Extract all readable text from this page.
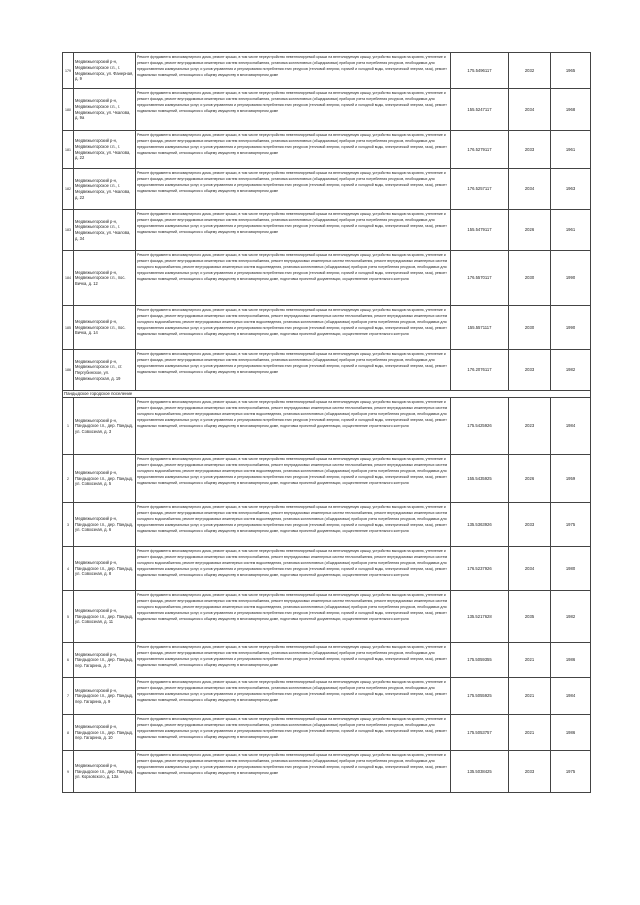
179	Медвежьегорский р-н, Медвежьегорское г.п., г. Медвежьегорск, ул. Фанерная, д. 9	Ремонт фундамента многоквартирного дома, ремонт крыши, в том числе переустройство невентилируемой крыши на вентилируемую крышу, устройство выходов на кровлю, утепление и ремонт фасада, ремонт внутридомовых инженерных систем электроснабжения, установка коллективных (общедомовых) приборов учета потребления ресурсов, необходимых для предоставления коммунальных услуг, и узлов управления и регулирования потребления этих ресурсов (тепловой энергии, горячей и холодной воды, электрической энергии, газа), ремонт подвальных помещений, относящихся к общему имуществу в многоквартирном доме	175.5496117	2032	1965
180	Медвежьегорский р-н, Медвежьегорское г.п., г. Медвежьегорск, ул. Чкалова, д. 9а	Ремонт фундамента многоквартирного дома, ремонт крыши, в том числе переустройство невентилируемой крыши на вентилируемую крышу, устройство выходов на кровлю, утепление и ремонт фасада, ремонт внутридомовых инженерных систем электроснабжения, установка коллективных (общедомовых) приборов учета потребления ресурсов, необходимых для предоставления коммунальных услуг, и узлов управления и регулирования потребления этих ресурсов (тепловой энергии, горячей и холодной воды, электрической энергии, газа), ремонт подвальных помещений, относящихся к общему имуществу в многоквартирном доме	155.5247117	2034	1968
181	Медвежьегорский р-н, Медвежьегорское г.п., г. Медвежьегорск, ул. Чкалова, д. 22	Ремонт фундамента многоквартирного дома, ремонт крыши, в том числе переустройство невентилируемой крыши на вентилируемую крышу, устройство выходов на кровлю, утепление и ремонт фасада, ремонт внутридомовых инженерных систем электроснабжения, установка коллективных (общедомовых) приборов учета потребления ресурсов, необходимых для предоставления коммунальных услуг, и узлов управления и регулирования потребления этих ресурсов (тепловой энергии, горячей и холодной воды, электрической энергии, газа), ремонт подвальных помещений, относящихся к общему имуществу в многоквартирном доме	176.5279117	2033	1961
182	Медвежьегорский р-н, Медвежьегорское г.п., г. Медвежьегорск, ул. Чкалова, д. 22	Ремонт фундамента многоквартирного дома, ремонт крыши, в том числе переустройство невентилируемой крыши на вентилируемую крышу, устройство выходов на кровлю, утепление и ремонт фасада, ремонт внутридомовых инженерных систем электроснабжения, установка коллективных (общедомовых) приборов учета потребления ресурсов, необходимых для предоставления коммунальных услуг, и узлов управления и регулирования потребления этих ресурсов (тепловой энергии, горячей и холодной воды, электрической энергии, газа), ремонт подвальных помещений, относящихся к общему имуществу в многоквартирном доме	176.5257117	2034	1963
183	Медвежьегорский р-н, Медвежьегорское г.п., г. Медвежьегорск, ул. Чкалова, д. 34	Ремонт фундамента многоквартирного дома, ремонт крыши, в том числе переустройство невентилируемой крыши на вентилируемую крышу, устройство выходов на кровлю, утепление и ремонт фасада, ремонт внутридомовых инженерных систем электроснабжения, установка коллективных (общедомовых) приборов учета потребления ресурсов, необходимых для предоставления коммунальных услуг, и узлов управления и регулирования потребления этих ресурсов (тепловой энергии, горячей и холодной воды, электрической энергии, газа), ремонт подвальных помещений, относящихся к общему имуществу в многоквартирном доме	155.5479117	2026	1961
184	Медвежьегорский р-н, Медвежьегорское г.п., пос. Вичка, д. 12	Ремонт фундамента многоквартирного дома, ремонт крыши, в том числе переустройство невентилируемой крыши на вентилируемую крышу, устройство выходов на кровлю, утепление и ремонт фасада, ремонт внутридомовых инженерных систем электроснабжения, ремонт внутридомовых инженерных систем теплоснабжения, ремонт внутридомовых инженерных систем холодного водоснабжения, ремонт внутридомовых инженерных систем водоотведения, установка коллективных (общедомовых) приборов учета потребления ресурсов, необходимых для предоставления коммунальных услуг, и узлов управления и регулирования потребления этих ресурсов (тепловой энергии, горячей и холодной воды, электрической энергии, газа), ремонт подвальных помещений, относящихся к общему имуществу в многоквартирном доме, подготовка проектной документации, осуществление строительного контроля	176.5570117	2030	1990
185	Медвежьегорский р-н, Медвежьегорское г.п., пос. Вичка, д. 14	Ремонт фундамента многоквартирного дома, ремонт крыши, в том числе переустройство невентилируемой крыши на вентилируемую крышу, устройство выходов на кровлю, утепление и ремонт фасада, ремонт внутридомовых инженерных систем электроснабжения, ремонт внутридомовых инженерных систем теплоснабжения, ремонт внутридомовых инженерных систем холодного водоснабжения, ремонт внутридомовых инженерных систем водоотведения, установка коллективных (общедомовых) приборов учета потребления ресурсов, необходимых для предоставления коммунальных услуг, и узлов управления и регулирования потребления этих ресурсов (тепловой энергии, горячей и холодной воды, электрической энергии, газа), ремонт подвальных помещений, относящихся к общему имуществу в многоквартирном доме, подготовка проектной документации, осуществление строительного контроля	155.5571117	2030	1990
186	Медвежьегорский р-н, Медвежьегорское г.п., ст. Пергубинское, ул. Медвежьегорская, д. 19	Ремонт фундамента многоквартирного дома, ремонт крыши, в том числе переустройство невентилируемой крыши на вентилируемую крышу, устройство выходов на кровлю, утепление и ремонт фасада, ремонт внутридомовых инженерных систем электроснабжения, установка коллективных (общедомовых) приборов учета потребления ресурсов, необходимых для предоставления коммунальных услуг, и узлов управления и регулирования потребления этих ресурсов (тепловой энергии, горячей и холодной воды, электрической энергии, газа), ремонт подвальных помещений, относящихся к общему имуществу в многоквартирном доме	176.2076117	2033	1982
Пандыдское городское поселение					
1	Медвежьегорский р-н, Пандыдское г.п., дер. Пандыд, ул. Совхозная, д. 3	Ремонт фундамента многоквартирного дома, ремонт крыши, в том числе переустройство невентилируемой крыши на вентилируемую крышу, устройство выходов на кровлю, утепление и ремонт фасада, ремонт внутридомовых инженерных систем электроснабжения, ремонт внутридомовых инженерных систем теплоснабжения, ремонт внутридомовых инженерных систем холодного водоснабжения, ремонт внутридомовых инженерных систем водоотведения, установка коллективных (общедомовых) приборов учета потребления ресурсов, необходимых для предоставления коммунальных услуг, и узлов управления и регулирования потребления этих ресурсов (тепловой энергии, горячей и холодной воды, электрической энергии, газа), ремонт подвальных помещений, относящихся к общему имуществу в многоквартирном доме, подготовка проектной документации, осуществление строительного контроля	175.5425926	2023	1984
2	Медвежьегорский р-н, Пандыдское г.п., дер. Пандыд, ул. Совхозная, д. 5	Ремонт фундамента многоквартирного дома, ремонт крыши, в том числе переустройство невентилируемой крыши на вентилируемую крышу, устройство выходов на кровлю, утепление и ремонт фасада, ремонт внутридомовых инженерных систем электроснабжения, ремонт внутридомовых инженерных систем теплоснабжения, ремонт внутридомовых инженерных систем холодного водоснабжения, ремонт внутридомовых инженерных систем водоотведения, установка коллективных (общедомовых) приборов учета потребления ресурсов, необходимых для предоставления коммунальных услуг, и узлов управления и регулирования потребления этих ресурсов (тепловой энергии, горячей и холодной воды, электрической энергии, газа), ремонт подвальных помещений, относящихся к общему имуществу в многоквартирном доме, подготовка проектной документации, осуществление строительного контроля	155.5435925	2026	1959
3	Медвежьегорский р-н, Пандыдское г.п., дер. Пандыд, ул. Совхозная, д. 6	Ремонт фундамента многоквартирного дома, ремонт крыши, в том числе переустройство невентилируемой крыши на вентилируемую крышу, устройство выходов на кровлю, утепление и ремонт фасада, ремонт внутридомовых инженерных систем электроснабжения, ремонт внутридомовых инженерных систем теплоснабжения, ремонт внутридомовых инженерных систем холодного водоснабжения, ремонт внутридомовых инженерных систем водоотведения, установка коллективных (общедомовых) приборов учета потребления ресурсов, необходимых для предоставления коммунальных услуг, и узлов управления и регулирования потребления этих ресурсов (тепловой энергии, горячей и холодной воды, электрической энергии, газа), ремонт подвальных помещений, относящихся к общему имуществу в многоквартирном доме, подготовка проектной документации, осуществление строительного контроля	135.5363926	2033	1975
4	Медвежьегорский р-н, Пандыдское г.п., дер. Пандыд, ул. Совхозная, д. 8	Ремонт фундамента многоквартирного дома, ремонт крыши, в том числе переустройство невентилируемой крыши на вентилируемую крышу, устройство выходов на кровлю, утепление и ремонт фасада, ремонт внутридомовых инженерных систем электроснабжения, ремонт внутридомовых инженерных систем теплоснабжения, ремонт внутридомовых инженерных систем холодного водоснабжения, ремонт внутридомовых инженерных систем водоотведения, установка коллективных (общедомовых) приборов учета потребления ресурсов, необходимых для предоставления коммунальных услуг, и узлов управления и регулирования потребления этих ресурсов (тепловой энергии, горячей и холодной воды, электрической энергии, газа), ремонт подвальных помещений, относящихся к общему имуществу в многоквартирном доме, подготовка проектной документации, осуществление строительного контроля	176.5237926	2034	1980
5	Медвежьегорский р-н, Пандыдское г.п., дер. Пандыд, ул. Совхозная, д. 11	Ремонт фундамента многоквартирного дома, ремонт крыши, в том числе переустройство невентилируемой крыши на вентилируемую крышу, устройство выходов на кровлю, утепление и ремонт фасада, ремонт внутридомовых инженерных систем электроснабжения, ремонт внутридомовых инженерных систем теплоснабжения, ремонт внутридомовых инженерных систем холодного водоснабжения, ремонт внутридомовых инженерных систем водоотведения, установка коллективных (общедомовых) приборов учета потребления ресурсов, необходимых для предоставления коммунальных услуг, и узлов управления и регулирования потребления этих ресурсов (тепловой энергии, горячей и холодной воды, электрической энергии, газа), ремонт подвальных помещений, относящихся к общему имуществу в многоквартирном доме, подготовка проектной документации, осуществление строительного контроля	135.5217628	2035	1982
6	Медвежьегорский р-н, Пандыдское г.п., дер. Пандыд, пер. Гагарина, д. 7	Ремонт фундамента многоквартирного дома, ремонт крыши, в том числе переустройство невентилируемой крыши на вентилируемую крышу, устройство выходов на кровлю, утепление и ремонт фасада, ремонт внутридомовых инженерных систем электроснабжения, установка коллективных (общедомовых) приборов учета потребления ресурсов, необходимых для предоставления коммунальных услуг, и узлов управления и регулирования потребления этих ресурсов (тепловой энергии, горячей и холодной воды, электрической энергии, газа), ремонт подвальных помещений, относящихся к общему имуществу в многоквартирном доме	175.5059355	2021	1986
7	Медвежьегорский р-н, Пандыдское г.п., дер. Пандыд, пер. Гагарина, д. 9	Ремонт фундамента многоквартирного дома, ремонт крыши, в том числе переустройство невентилируемой крыши на вентилируемую крышу, устройство выходов на кровлю, утепление и ремонт фасада, ремонт внутридомовых инженерных систем электроснабжения, установка коллективных (общедомовых) приборов учета потребления ресурсов, необходимых для предоставления коммунальных услуг, и узлов управления и регулирования потребления этих ресурсов (тепловой энергии, горячей и холодной воды, электрической энергии, газа), ремонт подвальных помещений, относящихся к общему имуществу в многоквартирном доме	175.5055925	2021	1984
8	Медвежьегорский р-н, Пандыдское г.п., дер. Пандыд, пер. Гагарина, д. 10	Ремонт фундамента многоквартирного дома, ремонт крыши, в том числе переустройство невентилируемой крыши на вентилируемую крышу, устройство выходов на кровлю, утепление и ремонт фасада, ремонт внутридомовых инженерных систем электроснабжения, установка коллективных (общедомовых) приборов учета потребления ресурсов, необходимых для предоставления коммунальных услуг, и узлов управления и регулирования потребления этих ресурсов (тепловой энергии, горячей и холодной воды, электрической энергии, газа), ремонт подвальных помещений, относящихся к общему имуществу в многоквартирном доме	175.5053757	2021	1986
9	Медвежьегорский р-н, Пандыдское г.п., дер. Пандыд, ул. Корзовского, д. 13а	Ремонт фундамента многоквартирного дома, ремонт крыши, в том числе переустройство невентилируемой крыши на вентилируемую крышу, устройство выходов на кровлю, утепление и ремонт фасада, ремонт внутридомовых инженерных систем электроснабжения, установка коллективных (общедомовых) приборов учета потребления ресурсов, необходимых для предоставления коммунальных услуг, и узлов управления и регулирования потребления этих ресурсов (тепловой энергии, горячей и холодной воды, электрической энергии, газа), ремонт подвальных помещений, относящихся к общему имуществу в многоквартирном доме	135.5038425	2033	1975
